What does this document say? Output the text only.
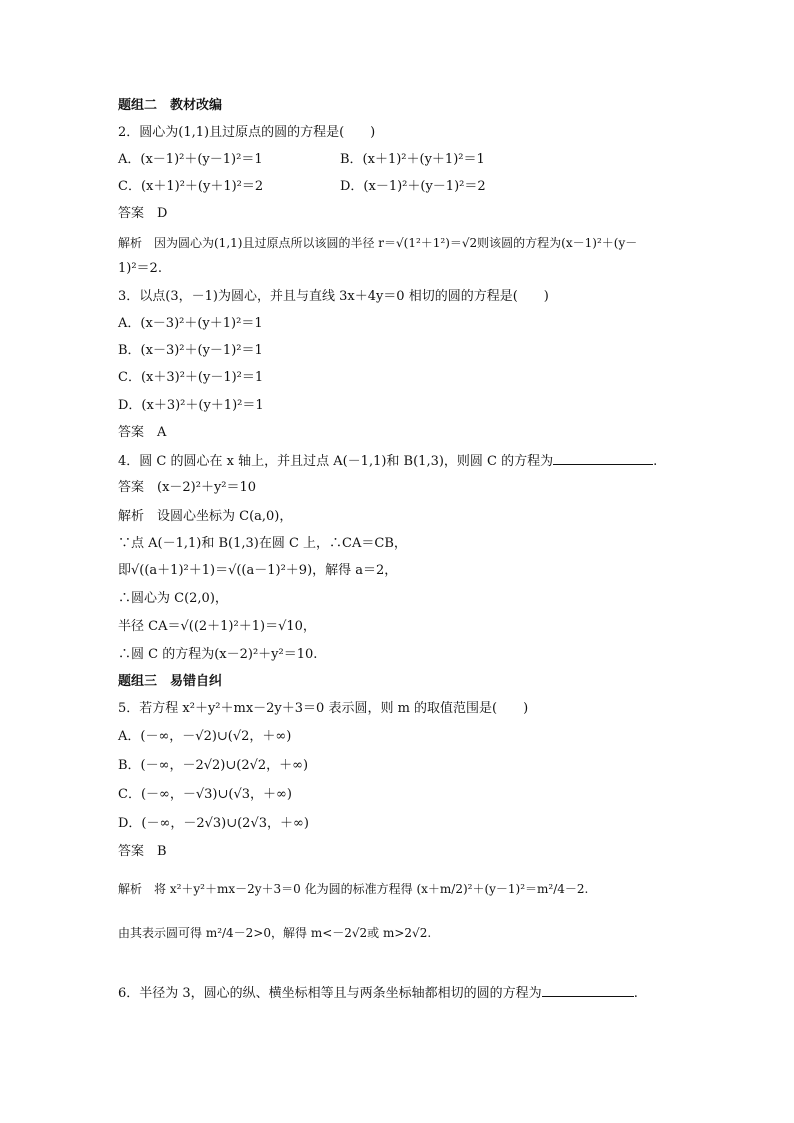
题组二　教材改编
2．圆心为(1,1)且过原点的圆的方程是(　　)
A．(x－1)²＋(y－1)²＝1	B．(x＋1)²＋(y＋1)²＝1
C．(x＋1)²＋(y＋1)²＝2	D．(x－1)²＋(y－1)²＝2
答案　D
解析　因为圆心为(1,1)且过原点所以该圆的半径 r＝√(1²＋1²)＝√2则该圆的方程为(x－1)²＋(y－
1)²＝2.
3．以点(3，－1)为圆心，并且与直线 3x＋4y＝0 相切的圆的方程是(　　)
A．(x－3)²＋(y＋1)²＝1
B．(x－3)²＋(y－1)²＝1
C．(x＋3)²＋(y－1)²＝1
D．(x＋3)²＋(y＋1)²＝1
答案　A
4．圆 C 的圆心在 x 轴上，并且过点 A(－1,1)和 B(1,3)，则圆 C 的方程为	.
答案　(x－2)²＋y²＝10
解析　设圆心坐标为 C(a,0)，
∵点 A(－1,1)和 B(1,3)在圆 C 上，∴CA＝CB，
即√((a＋1)²＋1)＝√((a－1)²＋9)，解得 a＝2，
∴圆心为 C(2,0)，
半径 CA＝√((2＋1)²＋1)＝√10，
∴圆 C 的方程为(x－2)²＋y²＝10.
题组三　易错自纠
5．若方程 x²＋y²＋mx－2y＋3＝0 表示圆，则 m 的取值范围是(　　)
A．(－∞，－√2)∪(√2，＋∞)
B．(－∞，－2√2)∪(2√2，＋∞)
C．(－∞，－√3)∪(√3，＋∞)
D．(－∞，－2√3)∪(2√3，＋∞)
答案　B
解析　将 x²＋y²＋mx－2y＋3＝0 化为圆的标准方程得 (x＋m/2)²＋(y－1)²＝m²/4－2.
由其表示圆可得 m²/4－2>0，解得 m<－2√2或 m>2√2.
6．半径为 3，圆心的纵、横坐标相等且与两条坐标轴都相切的圆的方程为	.
